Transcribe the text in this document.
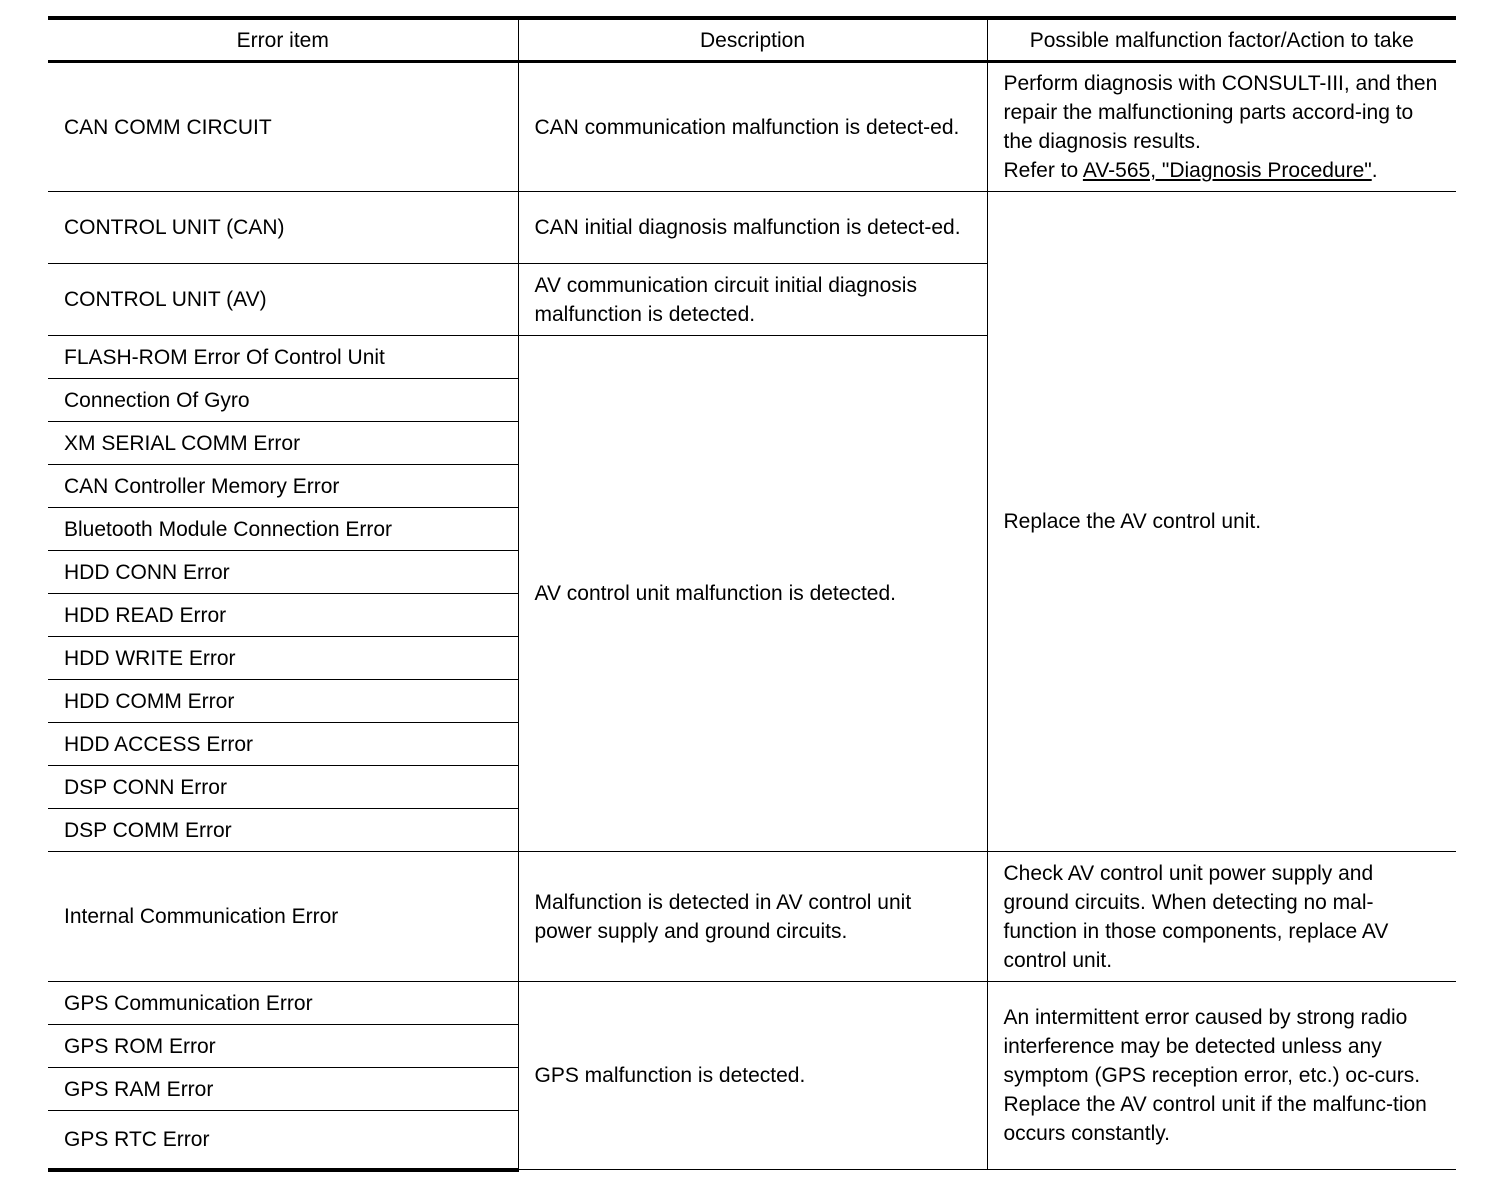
Error item	Description	Possible malfunction factor/Action to take
CAN COMM CIRCUIT	CAN communication malfunction is detect-ed.	Perform diagnosis with CONSULT-III, and then repair the malfunctioning parts accord-ing to the diagnosis results.
Refer to AV-565, "Diagnosis Procedure".
CONTROL UNIT (CAN)	CAN initial diagnosis malfunction is detect-ed.	Replace the AV control unit.
CONTROL UNIT (AV)	AV communication circuit initial diagnosis malfunction is detected.	
FLASH-ROM Error Of Control Unit	AV control unit malfunction is detected.	
Connection Of Gyro		
XM SERIAL COMM Error		
CAN Controller Memory Error		
Bluetooth Module Connection Error		
HDD CONN Error		
HDD READ Error		
HDD WRITE Error		
HDD COMM Error		
HDD ACCESS Error		
DSP CONN Error		
DSP COMM Error		
Internal Communication Error	Malfunction is detected in AV control unit power supply and ground circuits.	Check AV control unit power supply and ground circuits. When detecting no mal-function in those components, replace AV control unit.
GPS Communication Error	GPS malfunction is detected.	An intermittent error caused by strong radio interference may be detected unless any symptom (GPS reception error, etc.) oc-curs.
Replace the AV control unit if the malfunc-tion occurs constantly.
GPS ROM Error		
GPS RAM Error		
GPS RTC Error		
